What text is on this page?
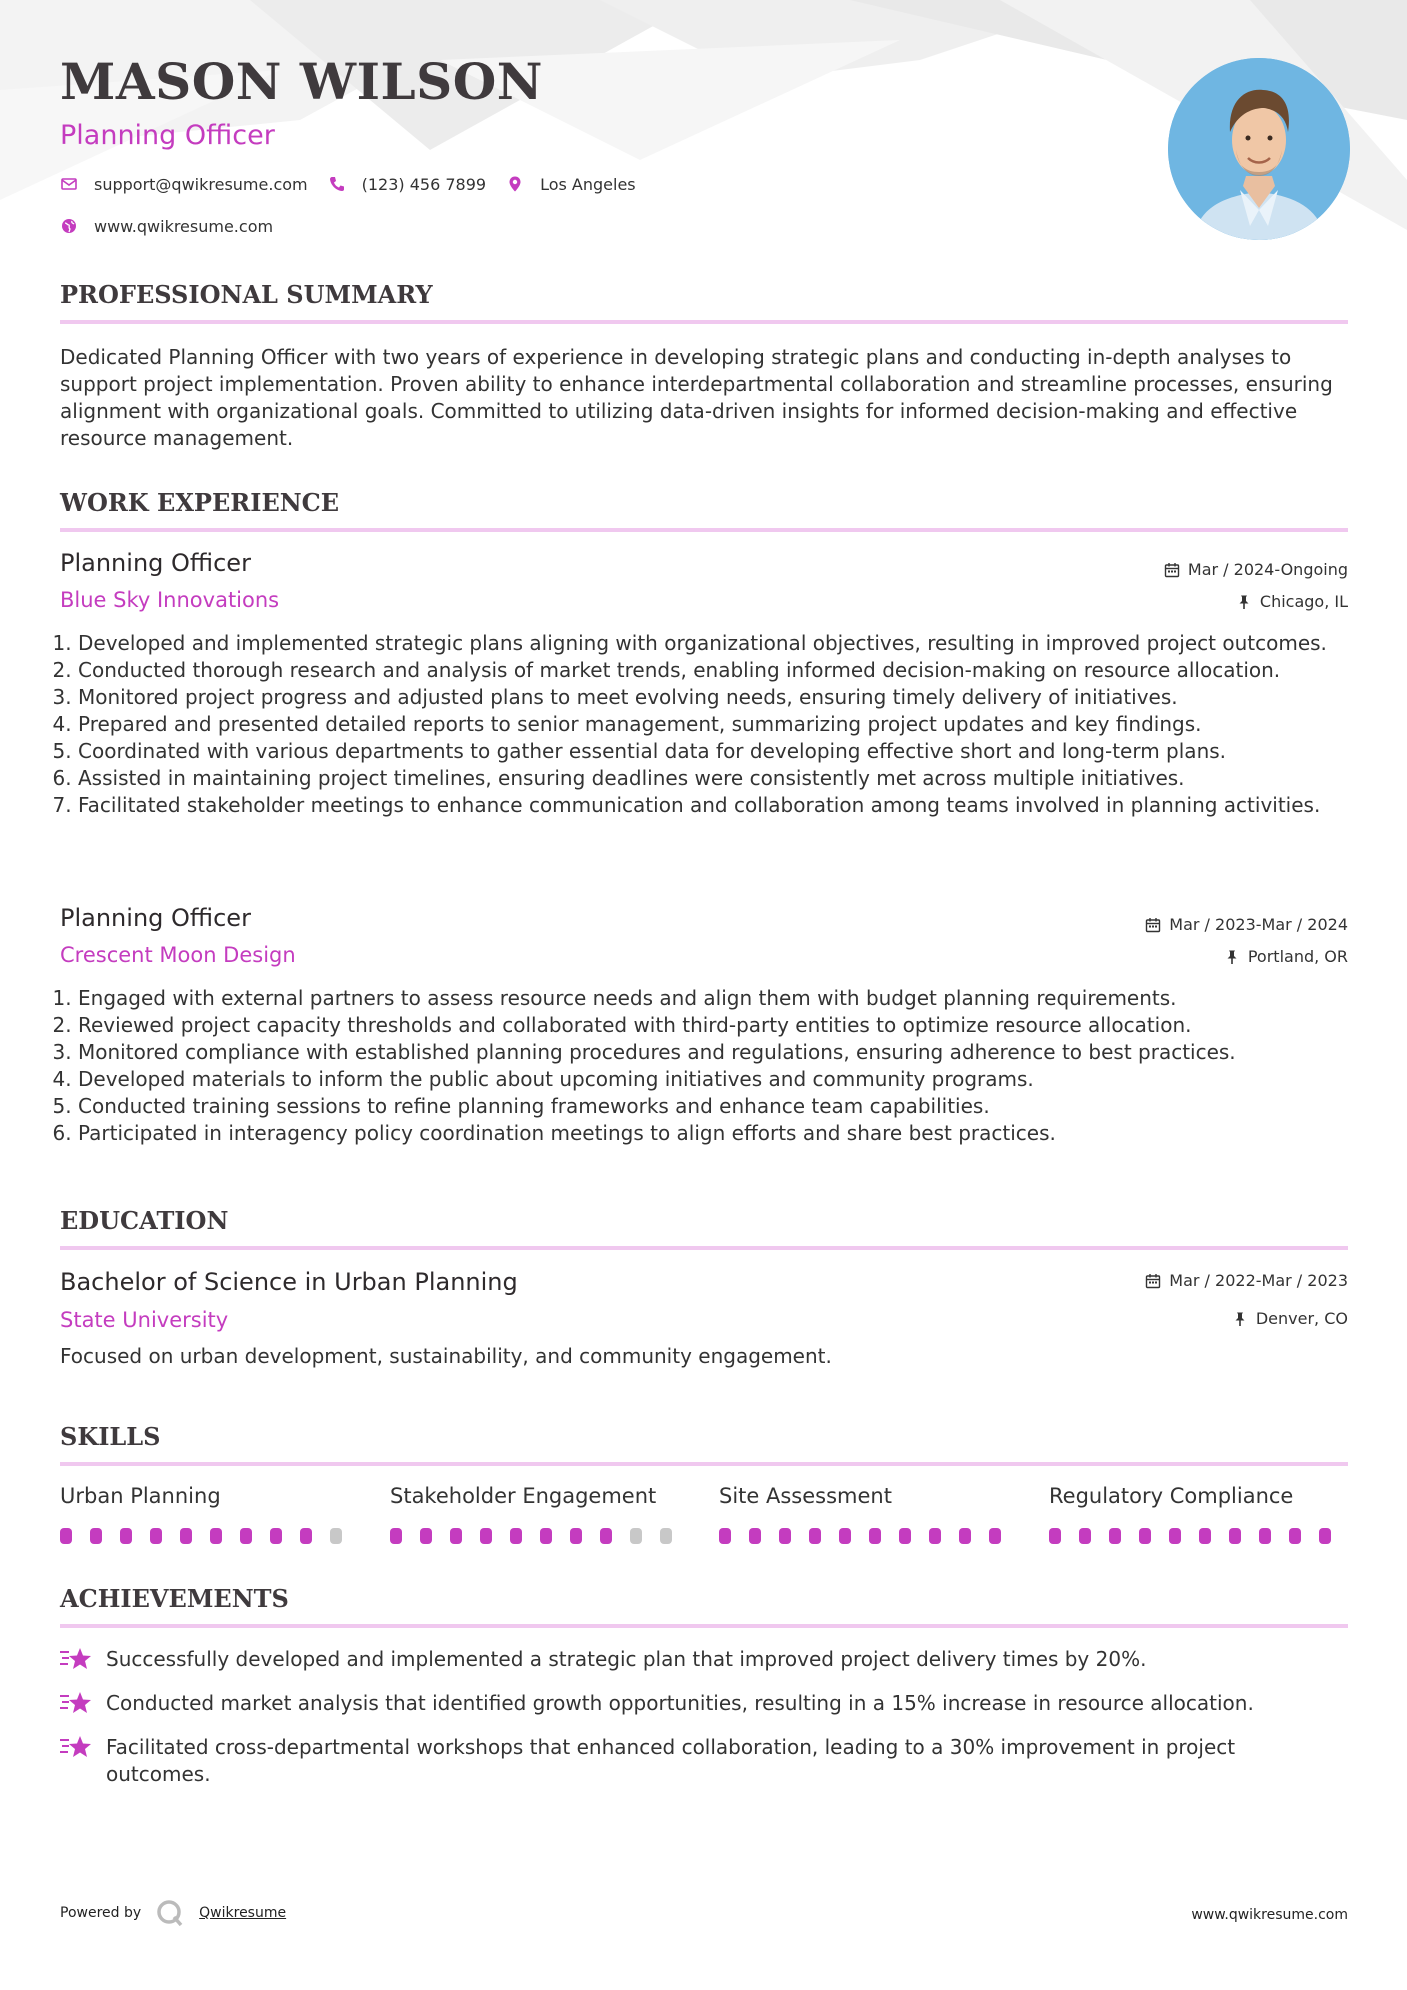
MASON WILSON
Planning Officer
support@qwikresume.com	(123) 456 7899	Los Angeles
www.qwikresume.com
PROFESSIONAL SUMMARY

Dedicated Planning Officer with two years of experience in developing strategic plans and conducting in-depth analyses to support project implementation. Proven ability to enhance interdepartmental collaboration and streamline processes, ensuring alignment with organizational goals. Committed to utilizing data-driven insights for informed decision-making and effective resource management.

WORK EXPERIENCE
Planning Officer	Mar / 2024-Ongoing
Blue Sky Innovations	Chicago, IL
1. Developed and implemented strategic plans aligning with organizational objectives, resulting in improved project outcomes.
2. Conducted thorough research and analysis of market trends, enabling informed decision-making on resource allocation.
3. Monitored project progress and adjusted plans to meet evolving needs, ensuring timely delivery of initiatives.
4. Prepared and presented detailed reports to senior management, summarizing project updates and key findings.
5. Coordinated with various departments to gather essential data for developing effective short and long-term plans.
6. Assisted in maintaining project timelines, ensuring deadlines were consistently met across multiple initiatives.
7. Facilitated stakeholder meetings to enhance communication and collaboration among teams involved in planning activities.
Planning Officer	Mar / 2023-Mar / 2024
Crescent Moon Design	Portland, OR
1. Engaged with external partners to assess resource needs and align them with budget planning requirements.
2. Reviewed project capacity thresholds and collaborated with third-party entities to optimize resource allocation.
3. Monitored compliance with established planning procedures and regulations, ensuring adherence to best practices.
4. Developed materials to inform the public about upcoming initiatives and community programs.
5. Conducted training sessions to refine planning frameworks and enhance team capabilities.
6. Participated in interagency policy coordination meetings to align efforts and share best practices.
EDUCATION
Bachelor of Science in Urban Planning	Mar / 2022-Mar / 2023
State University	Denver, CO
Focused on urban development, sustainability, and community engagement.
SKILLS
Urban Planning	Stakeholder Engagement	Site Assessment	Regulatory Compliance
ACHIEVEMENTS
Successfully developed and implemented a strategic plan that improved project delivery times by 20%.
Conducted market analysis that identified growth opportunities, resulting in a 15% increase in resource allocation.
Facilitated cross-departmental workshops that enhanced collaboration, leading to a 30% improvement in project outcomes.
Powered by	Qwikresume	www.qwikresume.com
